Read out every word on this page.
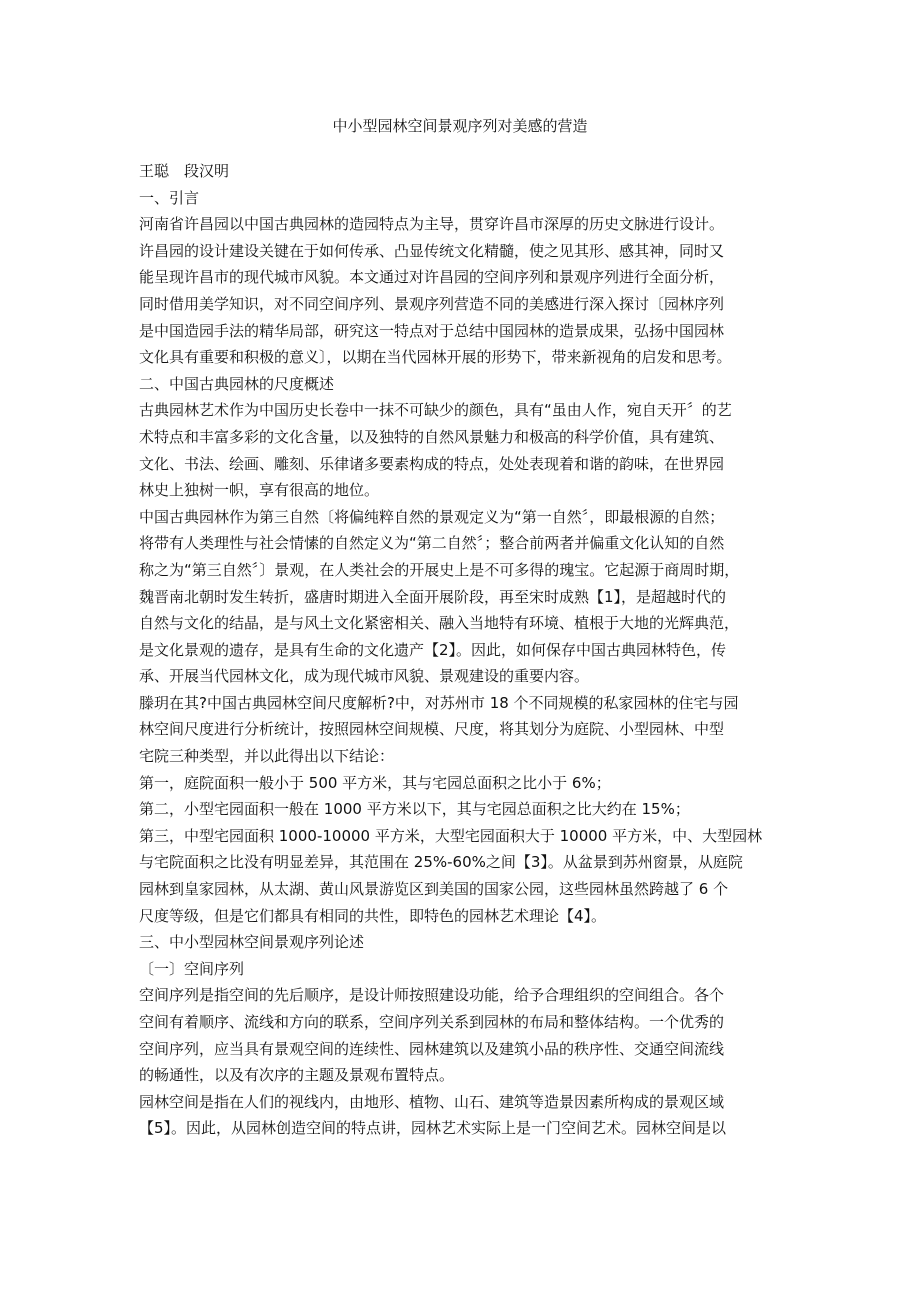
中小型园林空间景观序列对美感的营造
王聪　段汉明
一、引言
河南省许昌园以中国古典园林的造园特点为主导，贯穿许昌市深厚的历史文脉进行设计。
许昌园的设计建设关键在于如何传承、凸显传统文化精髓，使之见其形、感其神，同时又
能呈现许昌市的现代城市风貌。本文通过对许昌园的空间序列和景观序列进行全面分析，
同时借用美学知识，对不同空间序列、景观序列营造不同的美感进行深入探讨〔园林序列
是中国造园手法的精华局部，研究这一特点对于总结中国园林的造景成果，弘扬中国园林
文化具有重要和积极的意义〕，以期在当代园林开展的形势下，带来新视角的启发和思考。
二、中国古典园林的尺度概述
古典园林艺术作为中国历史长卷中一抹不可缺少的颜色，具有“虽由人作，宛自天开〞的艺
术特点和丰富多彩的文化含量，以及独特的自然风景魅力和极高的科学价值，具有建筑、
文化、书法、绘画、雕刻、乐律诸多要素构成的特点，处处表现着和谐的韵味，在世界园
林史上独树一帜，享有很高的地位。
中国古典园林作为第三自然〔将偏纯粹自然的景观定义为“第一自然〞，即最根源的自然；
将带有人类理性与社会情愫的自然定义为“第二自然〞；整合前两者并偏重文化认知的自然
称之为“第三自然〞〕景观，在人类社会的开展史上是不可多得的瑰宝。它起源于商周时期，
魏晋南北朝时发生转折，盛唐时期进入全面开展阶段，再至宋时成熟【1】，是超越时代的
自然与文化的结晶，是与风土文化紧密相关、融入当地特有环境、植根于大地的光辉典范，
是文化景观的遗存，是具有生命的文化遗产【2】。因此，如何保存中国古典园林特色，传
承、开展当代园林文化，成为现代城市风貌、景观建设的重要内容。
滕玥在其?中国古典园林空间尺度解析?中，对苏州市 18 个不同规模的私家园林的住宅与园
林空间尺度进行分析统计，按照园林空间规模、尺度，将其划分为庭院、小型园林、中型
宅院三种类型，并以此得出以下结论：
第一，庭院面积一般小于 500 平方米，其与宅园总面积之比小于 6%；
第二，小型宅园面积一般在 1000 平方米以下，其与宅园总面积之比大约在 15%；
第三，中型宅园面积 1000-10000 平方米，大型宅园面积大于 10000 平方米，中、大型园林
与宅院面积之比没有明显差异，其范围在 25%-60%之间【3】。从盆景到苏州窗景，从庭院
园林到皇家园林，从太湖、黄山风景游览区到美国的国家公园，这些园林虽然跨越了 6 个
尺度等级，但是它们都具有相同的共性，即特色的园林艺术理论【4】。
三、中小型园林空间景观序列论述
〔一〕空间序列
空间序列是指空间的先后顺序，是设计师按照建设功能，给予合理组织的空间组合。各个
空间有着顺序、流线和方向的联系，空间序列关系到园林的布局和整体结构。一个优秀的
空间序列，应当具有景观空间的连续性、园林建筑以及建筑小品的秩序性、交通空间流线
的畅通性，以及有次序的主题及景观布置特点。
园林空间是指在人们的视线内，由地形、植物、山石、建筑等造景因素所构成的景观区域
【5】。因此，从园林创造空间的特点讲，园林艺术实际上是一门空间艺术。园林空间是以
